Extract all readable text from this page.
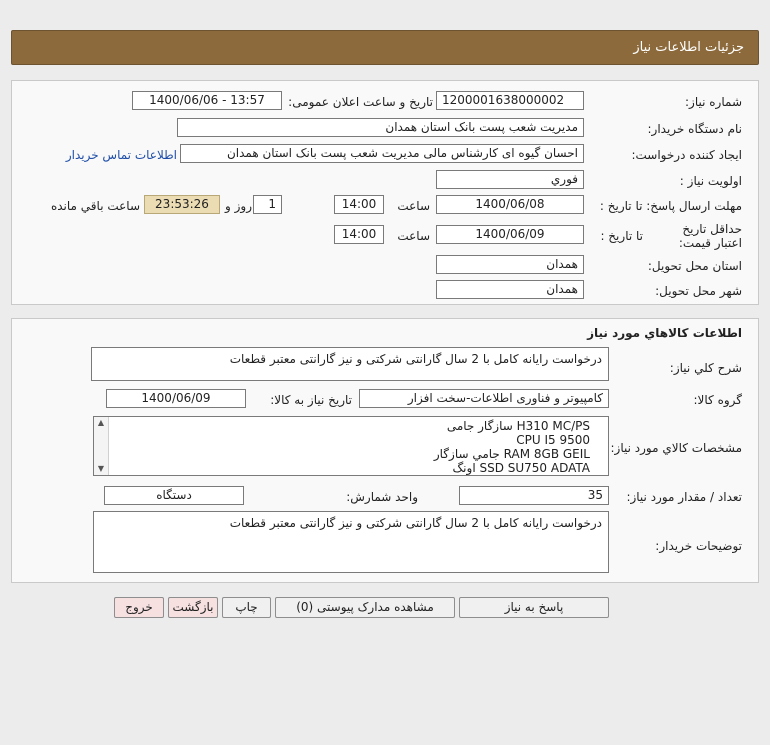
جزئیات اطلاعات نیاز
شماره نیاز:
1200001638000002
تاریخ و ساعت اعلان عمومی:
1400/06/06 - 13:57
نام دستگاه خریدار:
مدیریت شعب پست بانک استان همدان
ایجاد کننده درخواست:
احسان گیوه ای کارشناس مالی مدیریت شعب پست بانک استان همدان
اطلاعات تماس خریدار
اولویت نیاز :
فوري
مهلت ارسال پاسخ: تا تاریخ :
1400/06/08
ساعت
14:00
1
روز و
23:53:26
ساعت باقي مانده
حداقل تاریخ اعتبار قیمت:
تا تاریخ :
1400/06/09
ساعت
14:00
استان محل تحویل:
همدان
شهر محل تحویل:
همدان
اطلاعات کالاهاي مورد نياز
شرح کلي نياز:
درخواست رایانه کامل با 2 سال گارانتی شرکتی و نیز گارانتی معتبر قطعات
گروه کالا:
کامپیوتر و فناوری اطلاعات-سخت افزار
تاریخ نیاز به کالا:
1400/06/09
مشخصات کالاي مورد نياز:
▲
▼
H310 MC/PS سازگار جامی
CPU I5 9500
RAM 8GB GEIL جامي سازگار
SSD SU750 ADATA اونگ
تعداد / مقدار مورد نیاز:
35
واحد شمارش:
دستگاه
توضیحات خریدار:
درخواست رایانه کامل با 2 سال گارانتی شرکتی و نیز گارانتی معتبر قطعات
پاسخ به نیاز
مشاهده مدارک پیوستی (0)
چاپ
بازگشت
خروج
